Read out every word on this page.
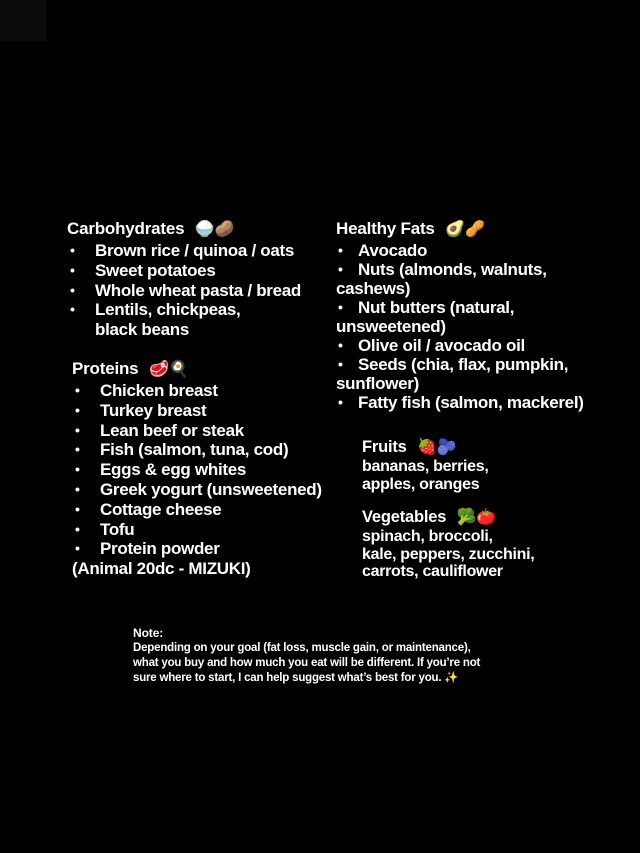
Carbohydrates 🍚🥔
• Brown rice / quinoa / oats
• Sweet potatoes
• Whole wheat pasta / bread
• Lentils, chickpeas,
black beans
Healthy Fats 🥑🥜
• Avocado
• Nuts (almonds, walnuts,
cashews)
• Nut butters (natural,
unsweetened)
• Olive oil / avocado oil
• Seeds (chia, flax, pumpkin,
sunflower)
• Fatty fish (salmon, mackerel)
Proteins 🥩🍳
• Chicken breast
• Turkey breast
• Lean beef or steak
• Fish (salmon, tuna, cod)
• Eggs & egg whites
• Greek yogurt (unsweetened)
• Cottage cheese
• Tofu
• Protein powder
(Animal 20dc - MIZUKI)
Fruits 🍓🫐
bananas, berries,
apples, oranges
Vegetables 🥦🍅
spinach, broccoli,
kale, peppers, zucchini,
carrots, cauliflower
Note:
Depending on your goal (fat loss, muscle gain, or maintenance),
what you buy and how much you eat will be different. If you’re not
sure where to start, I can help suggest what’s best for you. ✨
